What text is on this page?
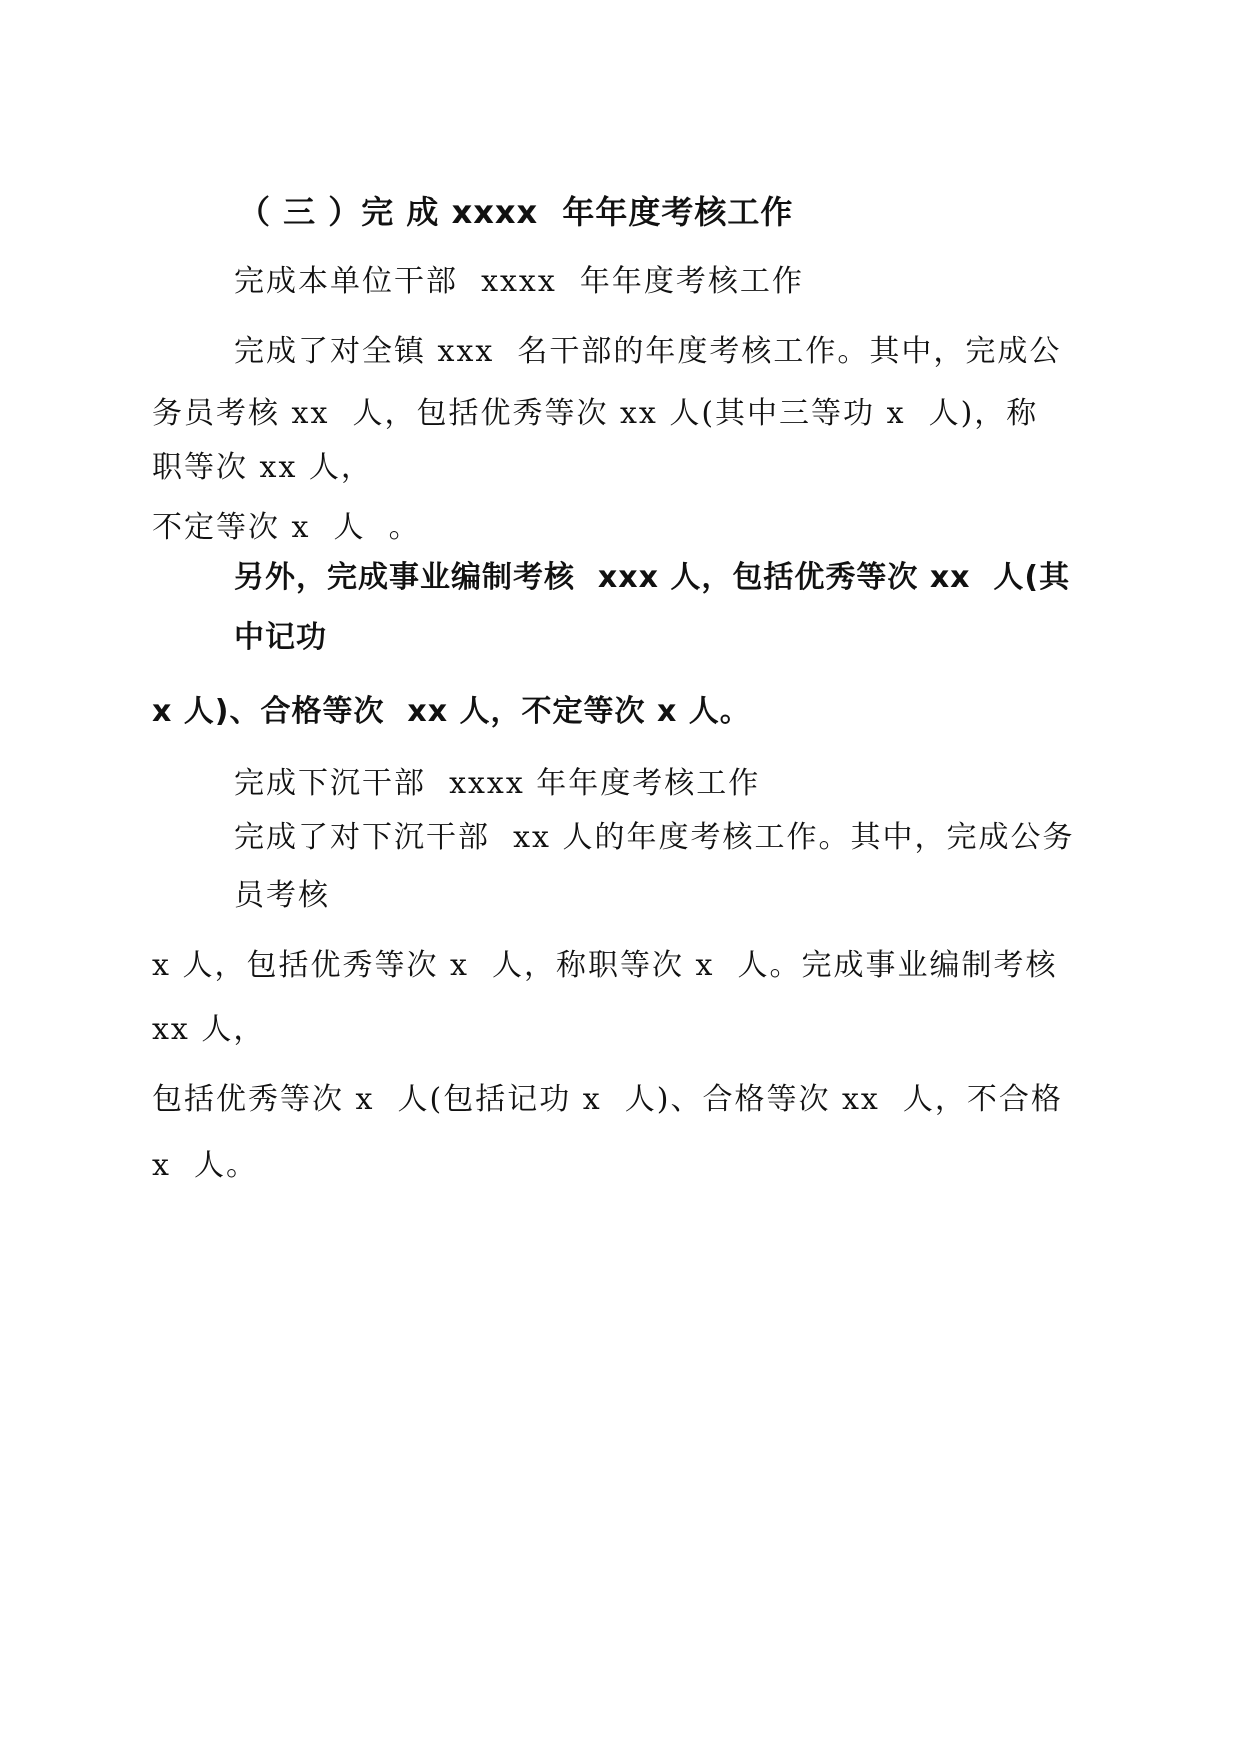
（ 三 ）完 成 xxxx  年年度考核工作
完成本单位干部  xxxx  年年度考核工作
完成了对全镇 xxx  名干部的年度考核工作。其中，完成公
务员考核 xx  人，包括优秀等次 xx 人(其中三等功 x  人)，称
职等次 xx 人，
不定等次 x  人  。
另外，完成事业编制考核  xxx 人，包括优秀等次 xx  人(其
中记功
x 人)、合格等次  xx 人，不定等次 x 人。
完成下沉干部  xxxx 年年度考核工作
完成了对下沉干部  xx 人的年度考核工作。其中，完成公务
员考核
x 人，包括优秀等次 x  人，称职等次 x  人。完成事业编制考核
xx 人，
包括优秀等次 x  人(包括记功 x  人)、合格等次 xx  人，不合格
x  人。
